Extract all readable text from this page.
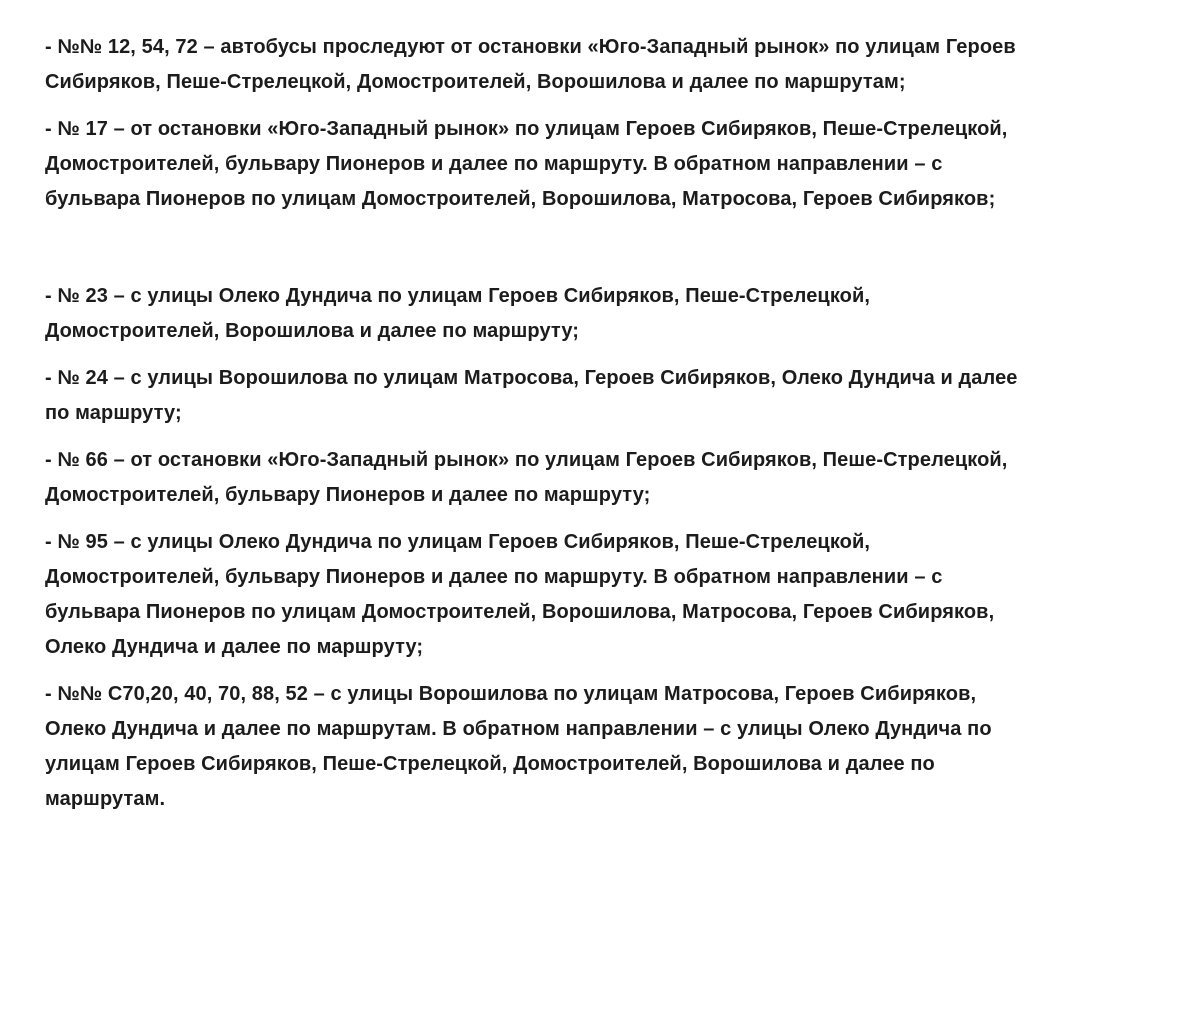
- №№ 12, 54, 72 – автобусы проследуют от остановки «Юго-Западный рынок» по улицам Героев
Сибиряков, Пеше-Стрелецкой, Домостроителей, Ворошилова и далее по маршрутам;

- № 17 – от остановки «Юго-Западный рынок» по улицам Героев Сибиряков, Пеше-Стрелецкой,
Домостроителей, бульвару Пионеров и далее по маршруту. В обратном направлении – с
бульвара Пионеров по улицам Домостроителей, Ворошилова, Матросова, Героев Сибиряков;

- № 23 – с улицы Олеко Дундича по улицам Героев Сибиряков, Пеше-Стрелецкой,
Домостроителей, Ворошилова и далее по маршруту;

- № 24 – с улицы Ворошилова по улицам Матросова, Героев Сибиряков, Олеко Дундича и далее
по маршруту;

- № 66 – от остановки «Юго-Западный рынок» по улицам Героев Сибиряков, Пеше-Стрелецкой,
Домостроителей, бульвару Пионеров и далее по маршруту;

- № 95 – с улицы Олеко Дундича по улицам Героев Сибиряков, Пеше-Стрелецкой,
Домостроителей, бульвару Пионеров и далее по маршруту. В обратном направлении – с
бульвара Пионеров по улицам Домостроителей, Ворошилова, Матросова, Героев Сибиряков,
Олеко Дундича и далее по маршруту;

- №№ С70,20, 40, 70, 88, 52 – с улицы Ворошилова по улицам Матросова, Героев Сибиряков,
Олеко Дундича и далее по маршрутам. В обратном направлении – с улицы Олеко Дундича по
улицам Героев Сибиряков, Пеше-Стрелецкой, Домостроителей, Ворошилова и далее по
маршрутам.
